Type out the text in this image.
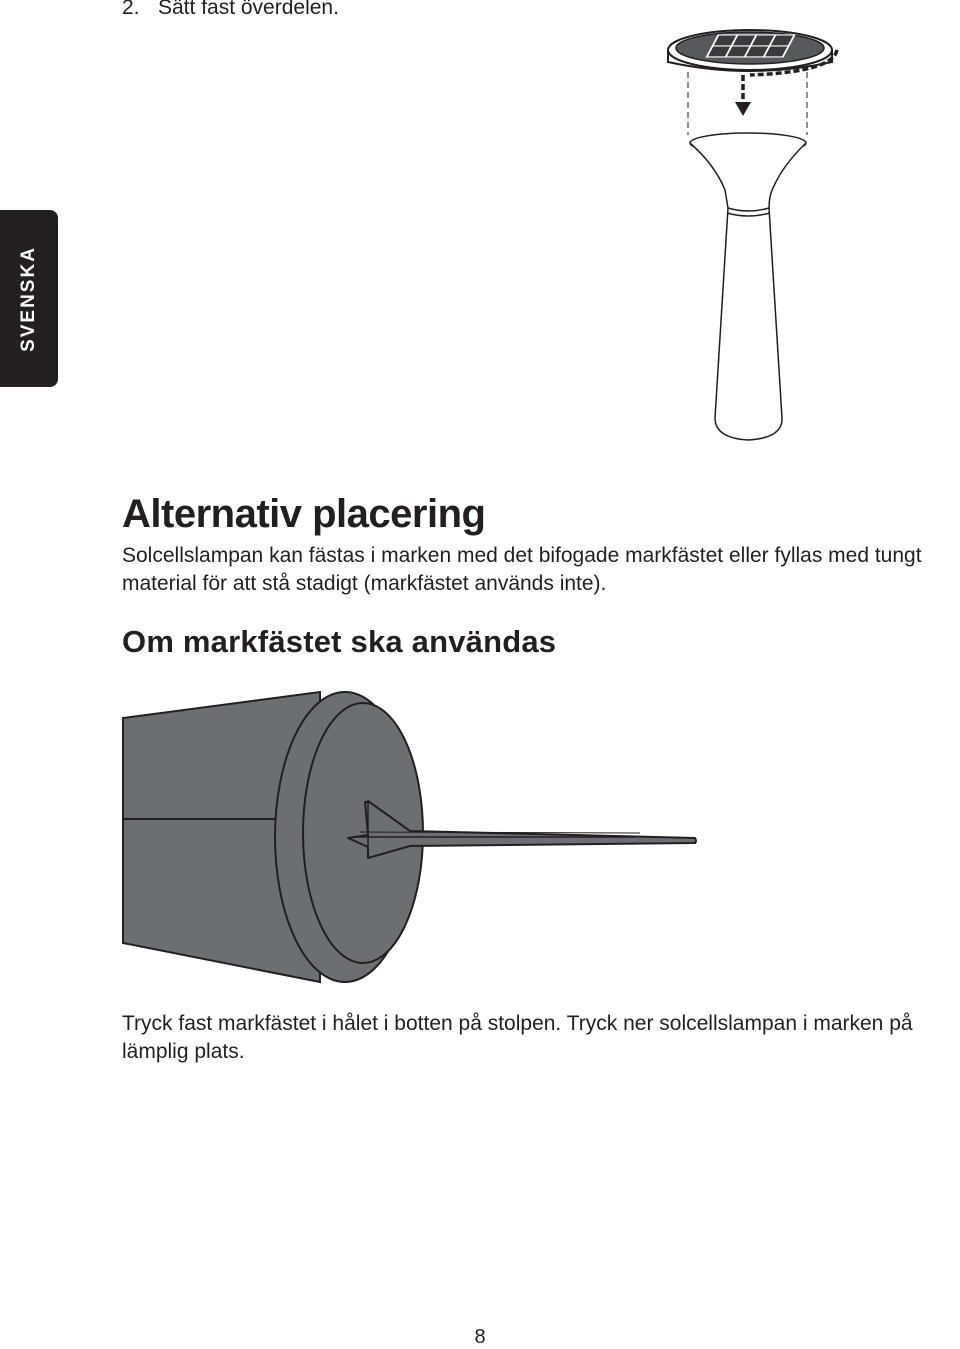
2. Sätt fast överdelen.
SVENSKA
Alternativ placering

Solcellslampan kan fästas i marken med det bifogade markfästet eller fyllas med tungt material för att stå stadigt (markfästet används inte).

Om markfästet ska användas

Tryck fast markfästet i hålet i botten på stolpen. Tryck ner solcellslampan i marken på lämplig plats.

8
